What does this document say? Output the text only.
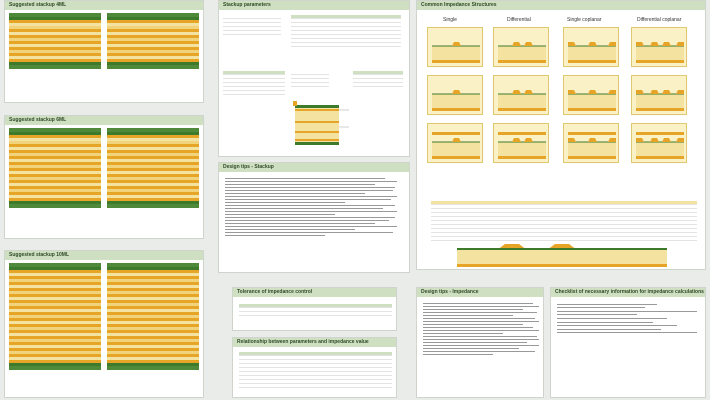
Suggested stackup 4ML
Suggested stackup 6ML
Suggested stackup 10ML
Stackup parameters

Design tips - Stackup
Tolerance of impedance control

Relationship between parameters and impedance value

Common Impedance Structures
Single	Differential	Single coplanar	Differential coplanar

Design tips - Impedance	Checklist of necessary information for impedance calculations
